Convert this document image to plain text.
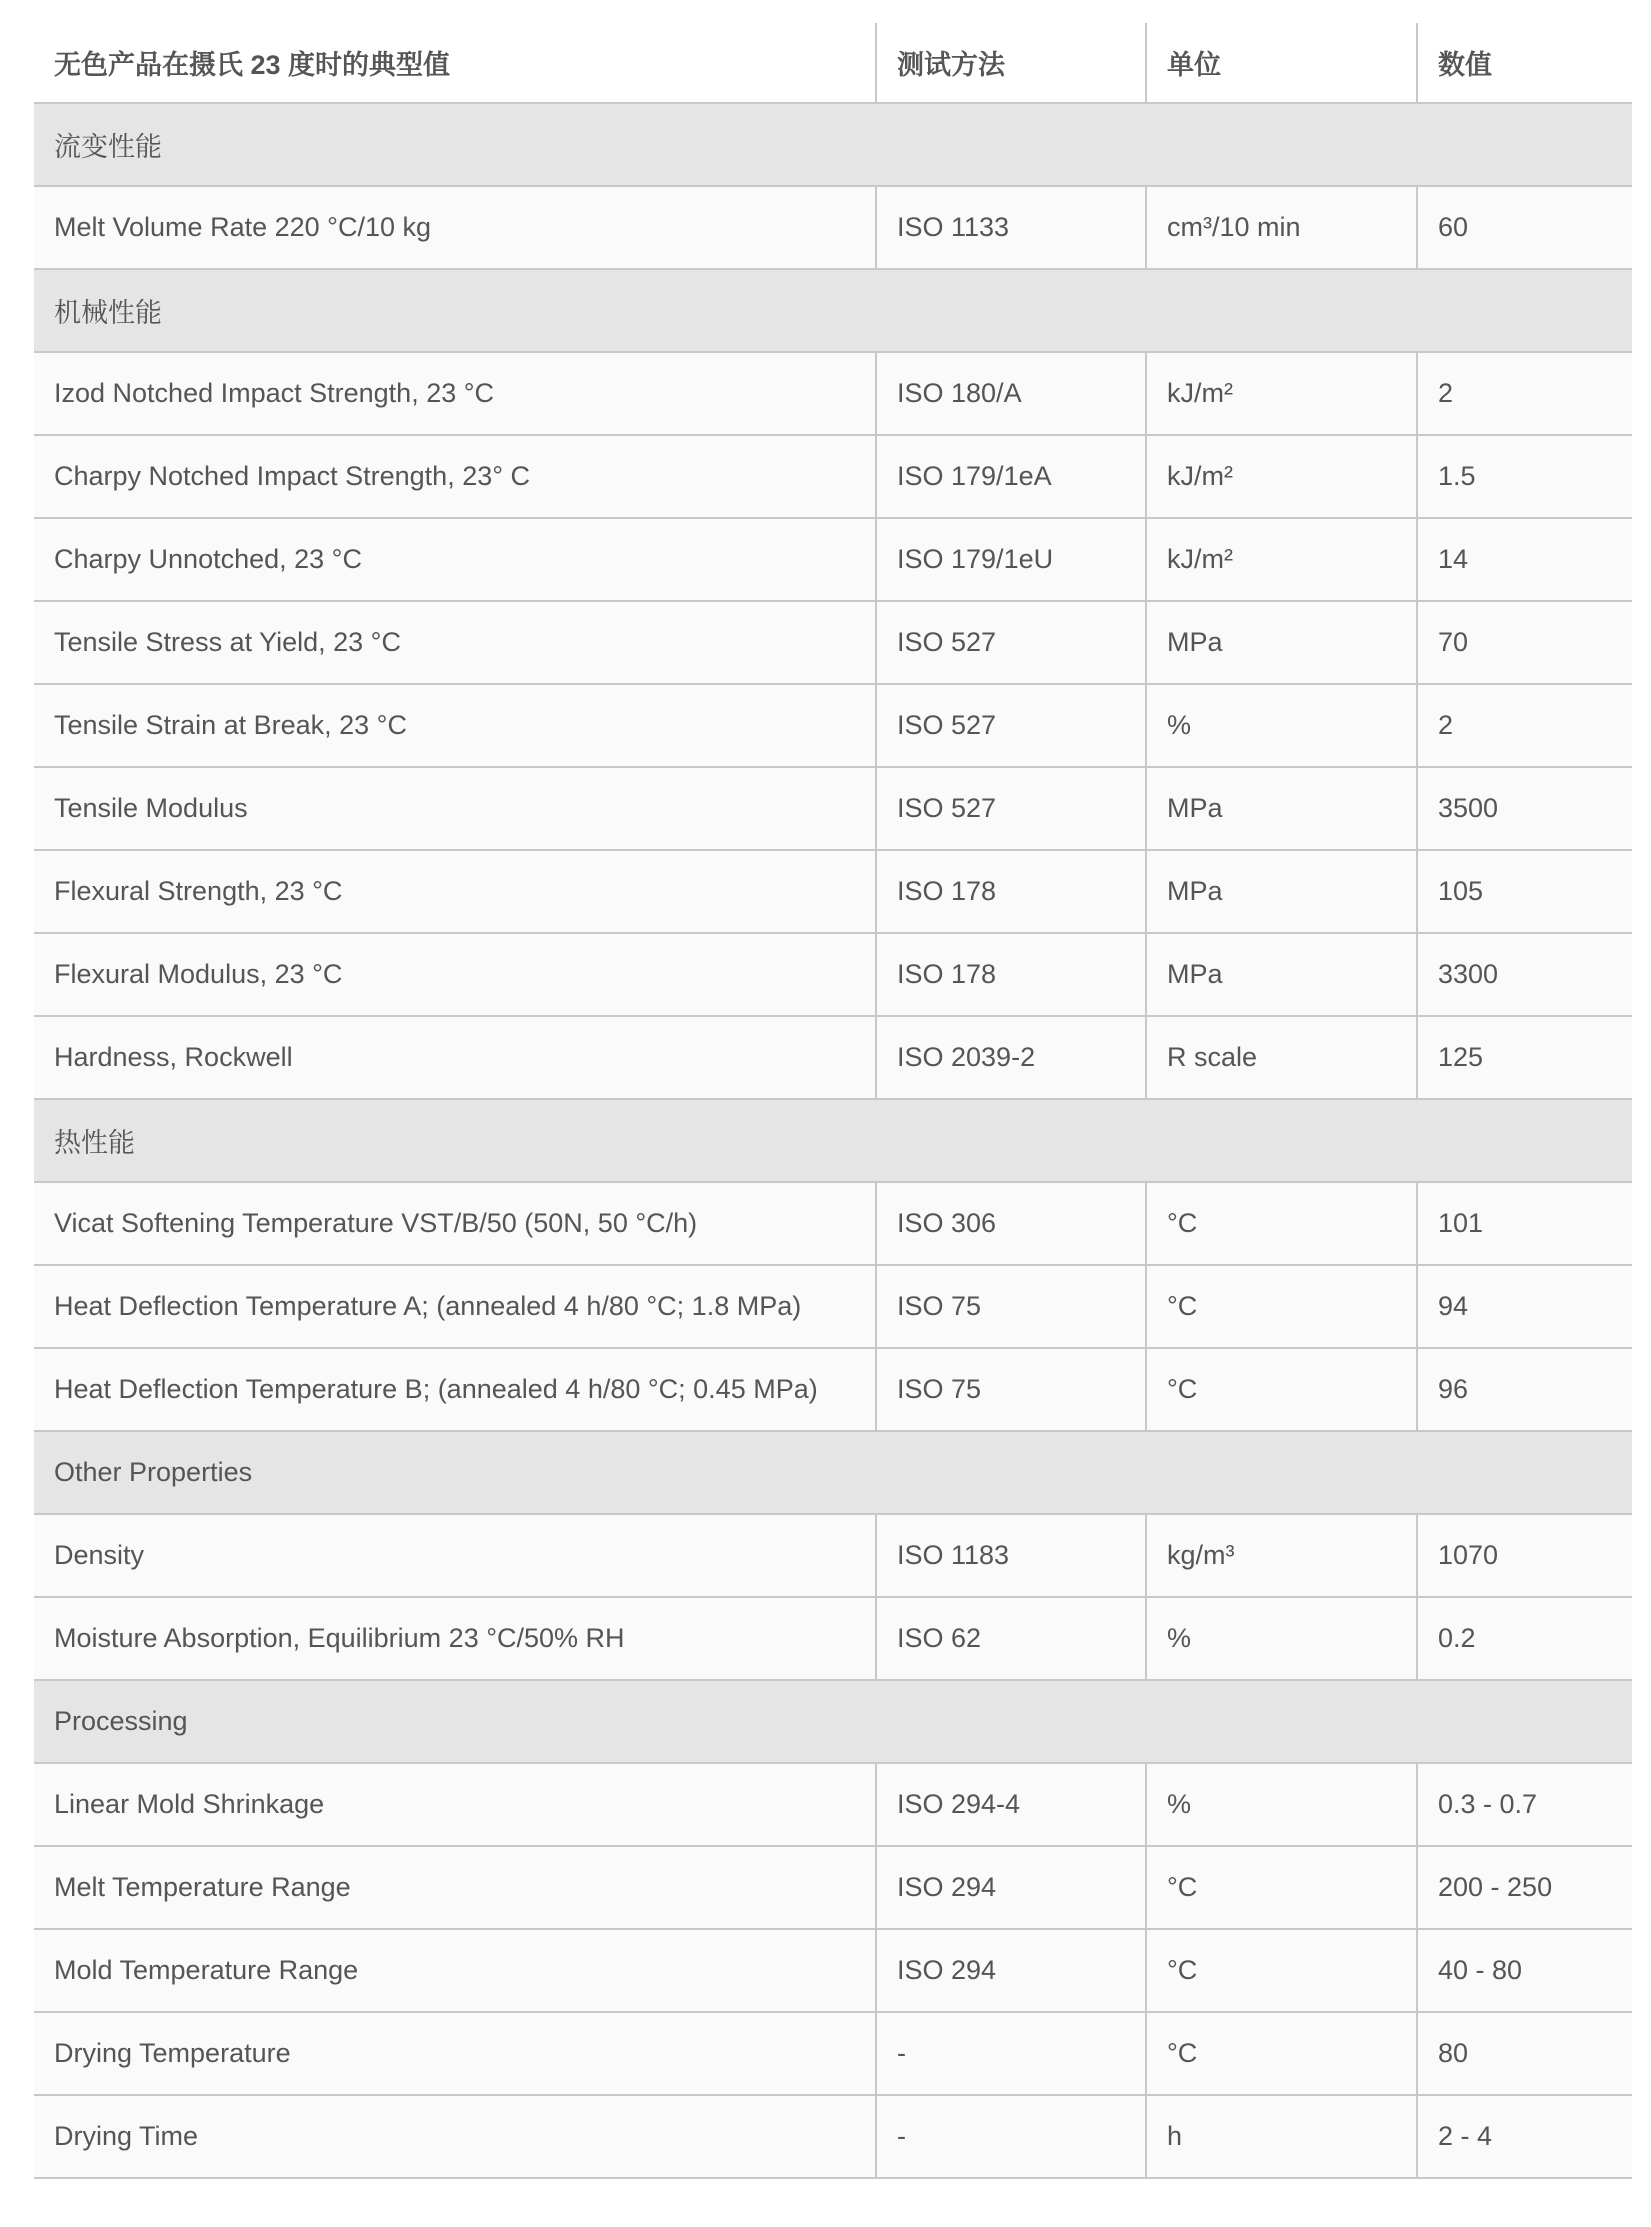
无色产品在摄氏 23 度时的典型值	测试方法	单位	数值
流变性能			
Melt Volume Rate 220 °C/10 kg	ISO 1133	cm³/10 min	60
机械性能			
Izod Notched Impact Strength, 23 °C	ISO 180/A	kJ/m²	2
Charpy Notched Impact Strength, 23° C	ISO 179/1eA	kJ/m²	1.5
Charpy Unnotched, 23 °C	ISO 179/1eU	kJ/m²	14
Tensile Stress at Yield, 23 °C	ISO 527	MPa	70
Tensile Strain at Break, 23 °C	ISO 527	%	2
Tensile Modulus	ISO 527	MPa	3500
Flexural Strength, 23 °C	ISO 178	MPa	105
Flexural Modulus, 23 °C	ISO 178	MPa	3300
Hardness, Rockwell	ISO 2039-2	R scale	125
热性能			
Vicat Softening Temperature VST/B/50 (50N, 50 °C/h)	ISO 306	°C	101
Heat Deflection Temperature A; (annealed 4 h/80 °C; 1.8 MPa)	ISO 75	°C	94
Heat Deflection Temperature B; (annealed 4 h/80 °C; 0.45 MPa)	ISO 75	°C	96
Other Properties			
Density	ISO 1183	kg/m³	1070
Moisture Absorption, Equilibrium 23 °C/50% RH	ISO 62	%	0.2
Processing			
Linear Mold Shrinkage	ISO 294-4	%	0.3 - 0.7
Melt Temperature Range	ISO 294	°C	200 - 250
Mold Temperature Range	ISO 294	°C	40 - 80
Drying Temperature	-	°C	80
Drying Time	-	h	2 - 4
